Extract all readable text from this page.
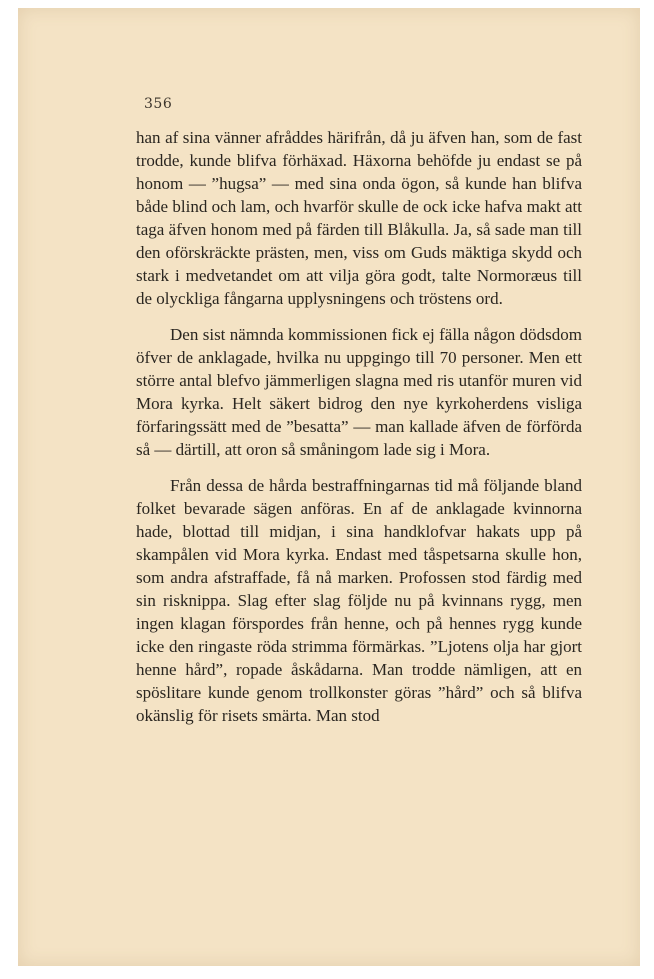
356

han af sina vänner afråddes härifrån, då ju äfven han, som de fast trodde, kunde blifva förhäxad. Häxorna behöfde ju endast se på honom — ”hugsa” — med sina onda ögon, så kunde han blifva både blind och lam, och hvarför skulle de ock icke hafva makt att taga äfven honom med på färden till Blåkulla. Ja, så sade man till den oförskräckte prästen, men, viss om Guds mäktiga skydd och stark i medvetandet om att vilja göra godt, talte Normoræus till de olyckliga fångarna upplysningens och tröstens ord.

Den sist nämnda kommissionen fick ej fälla någon dödsdom öfver de anklagade, hvilka nu uppgingo till 70 personer. Men ett större antal blefvo jämmerligen slagna med ris utanför muren vid Mora kyrka. Helt säkert bidrog den nye kyrkoherdens visliga förfaringssätt med de ”besatta” — man kallade äfven de förförda så — därtill, att oron så småningom lade sig i Mora.

Från dessa de hårda bestraffningarnas tid må följande bland folket bevarade sägen anföras. En af de anklagade kvinnorna hade, blottad till midjan, i sina handklofvar hakats upp på skampålen vid Mora kyrka. Endast med tåspetsarna skulle hon, som andra afstraffade, få nå marken. Profossen stod färdig med sin risknippa. Slag efter slag följde nu på kvinnans rygg, men ingen klagan förspordes från henne, och på hennes rygg kunde icke den ringaste röda strimma förmärkas. ”Ljotens olja har gjort henne hård”, ropade åskådarna. Man trodde nämligen, att en spöslitare kunde genom trollkonster göras ”hård” och så blifva okänslig för risets smärta. Man stod
